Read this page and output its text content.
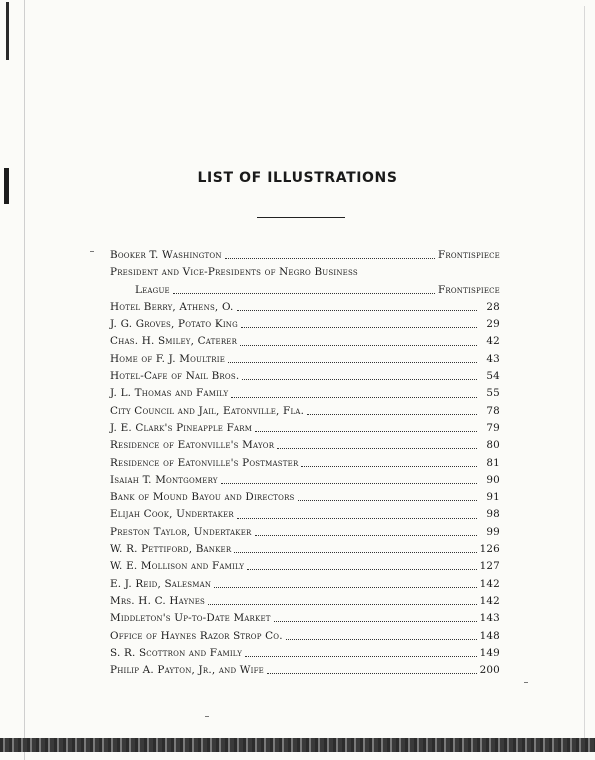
LIST OF ILLUSTRATIONS
Booker T. Washington	Frontispiece
President and Vice-Presidents of Negro Business
League	Frontispiece
Hotel Berry, Athens, O.	28
J. G. Groves, Potato King	29
Chas. H. Smiley, Caterer	42
Home of F. J. Moultrie	43
Hotel-Cafe of Nail Bros.	54
J. L. Thomas and Family	55
City Council and Jail, Eatonville, Fla.	78
J. E. Clark's Pineapple Farm	79
Residence of Eatonville's Mayor	80
Residence of Eatonville's Postmaster	81
Isaiah T. Montgomery	90
Bank of Mound Bayou and Directors	91
Elijah Cook, Undertaker	98
Preston Taylor, Undertaker	99
W. R. Pettiford, Banker	126
W. E. Mollison and Family	127
E. J. Reid, Salesman	142
Mrs. H. C. Haynes	142
Middleton's Up-to-Date Market	143
Office of Haynes Razor Strop Co.	148
S. R. Scottron and Family	149
Philip A. Payton, Jr., and Wife	200
